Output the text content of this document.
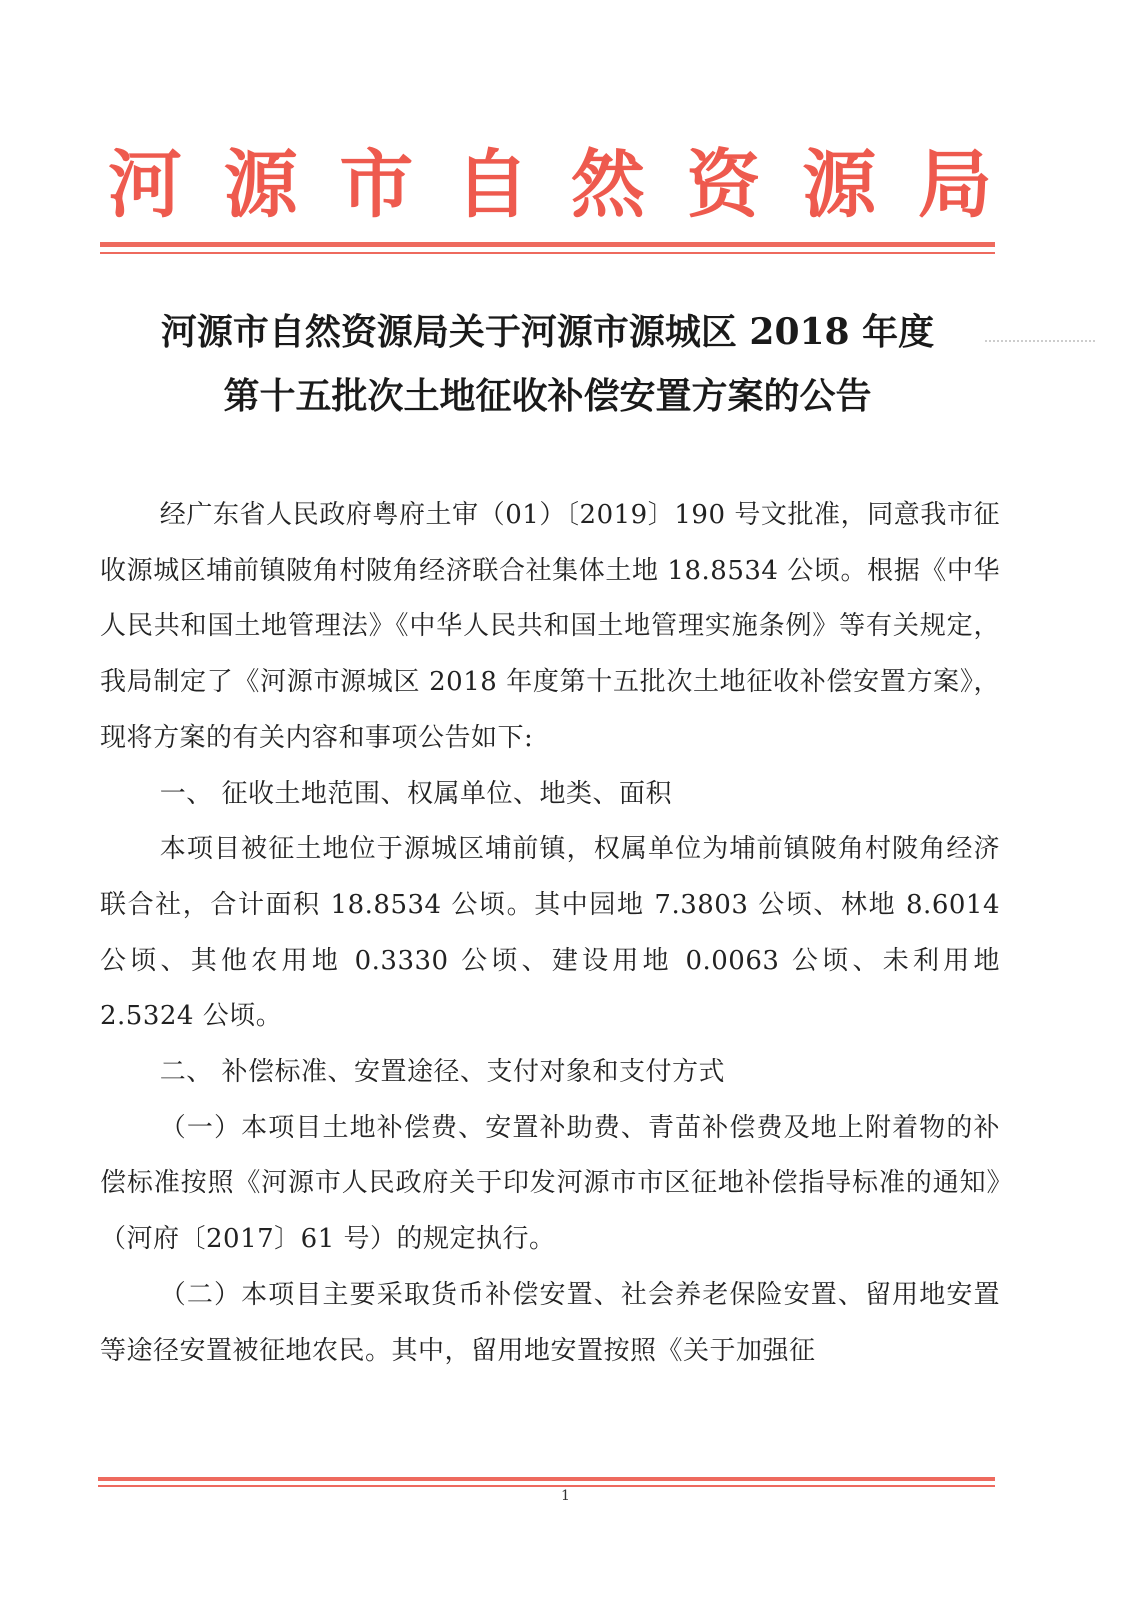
河 源 市 自 然 资 源 局
河源市自然资源局关于河源市源城区 2018 年度
第十五批次土地征收补偿安置方案的公告

经广东省人民政府粤府土审（01）〔2019〕190 号文批准，同意我市征收源城区埔前镇陂角村陂角经济联合社集体土地 18.8534 公顷。根据《中华人民共和国土地管理法》《中华人民共和国土地管理实施条例》等有关规定，我局制定了《河源市源城区 2018 年度第十五批次土地征收补偿安置方案》，现将方案的有关内容和事项公告如下:

一、 征收土地范围、权属单位、地类、面积

本项目被征土地位于源城区埔前镇，权属单位为埔前镇陂角村陂角经济联合社，合计面积 18.8534 公顷。其中园地 7.3803 公顷、林地 8.6014 公顷、其他农用地 0.3330 公顷、建设用地 0.0063 公顷、未利用地 2.5324 公顷。

二、 补偿标准、安置途径、支付对象和支付方式

（一）本项目土地补偿费、安置补助费、青苗补偿费及地上附着物的补偿标准按照《河源市人民政府关于印发河源市市区征地补偿指导标准的通知》（河府〔2017〕61 号）的规定执行。

（二）本项目主要采取货币补偿安置、社会养老保险安置、留用地安置等途径安置被征地农民。其中，留用地安置按照《关于加强征

1
